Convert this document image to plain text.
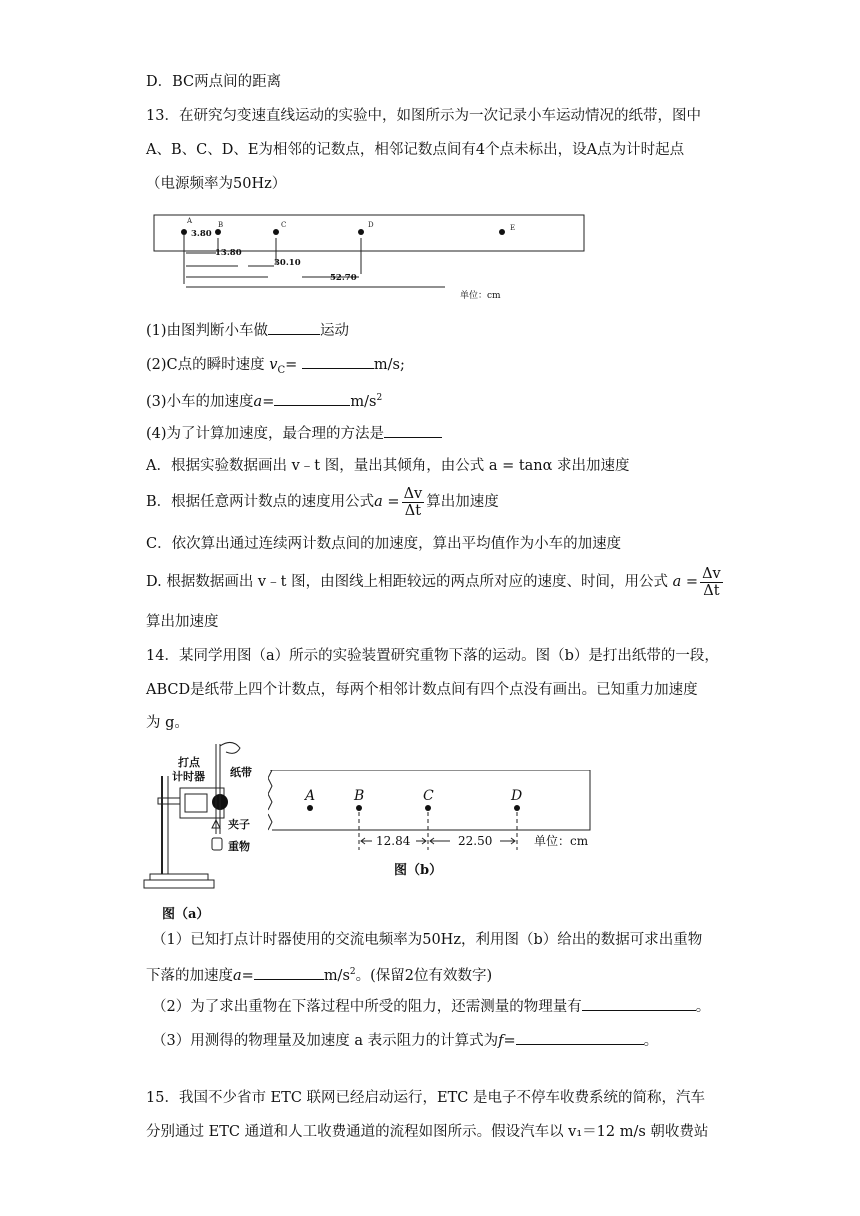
D．BC两点间的距离
13．在研究匀变速直线运动的实验中，如图所示为一次记录小车运动情况的纸带，图中
A、B、C、D、E为相邻的记数点，相邻记数点间有4个点未标出，设A点为计时起点
（电源频率为50Hz）
A	B	C	D	E
3.80
13.80
30.10
52.70
单位：cm
(1)由图判断小车做	运动
(2)C点的瞬时速度 $v_C=$	m/s;
(3)小车的加速度a=	$m/s^2$
(4)为了计算加速度，最合理的方法是
A．根据实验数据画出 v﹣t 图，量出其倾角，由公式 a = tanα 求出加速度
B．根据任意两计数点的速度用公式$a = \frac{\Delta v}{\Delta t}$ 算出加速度
C．依次算出通过连续两计数点间的加速度，算出平均值作为小车的加速度
D. 根据数据画出 v﹣t 图，由图线上相距较远的两点所对应的速度、时间，用公式 $a = \frac{\Delta v}{\Delta t}$
算出加速度
14．某同学用图（a）所示的实验装置研究重物下落的运动。图（b）是打出纸带的一段，
ABCD是纸带上四个计数点，每两个相邻计数点间有四个点没有画出。已知重力加速度
为 g。
打点
计时器 纸带
夹子
重物
图（a）
A	B	C	D
12.84	22.50	单位：cm
图（b）
（1）已知打点计时器使用的交流电频率为50Hz，利用图（b）给出的数据可求出重物
下落的加速度a=	$m/s^2$。(保留2位有效数字)
（2）为了求出重物在下落过程中所受的阻力，还需测量的物理量有	。
（3）用测得的物理量及加速度 a 表示阻力的计算式为f=	。
15．我国不少省市 ETC 联网已经启动运行，ETC 是电子不停车收费系统的简称，汽车
分别通过 ETC 通道和人工收费通道的流程如图所示。假设汽车以 v₁＝12 m/s 朝收费站
